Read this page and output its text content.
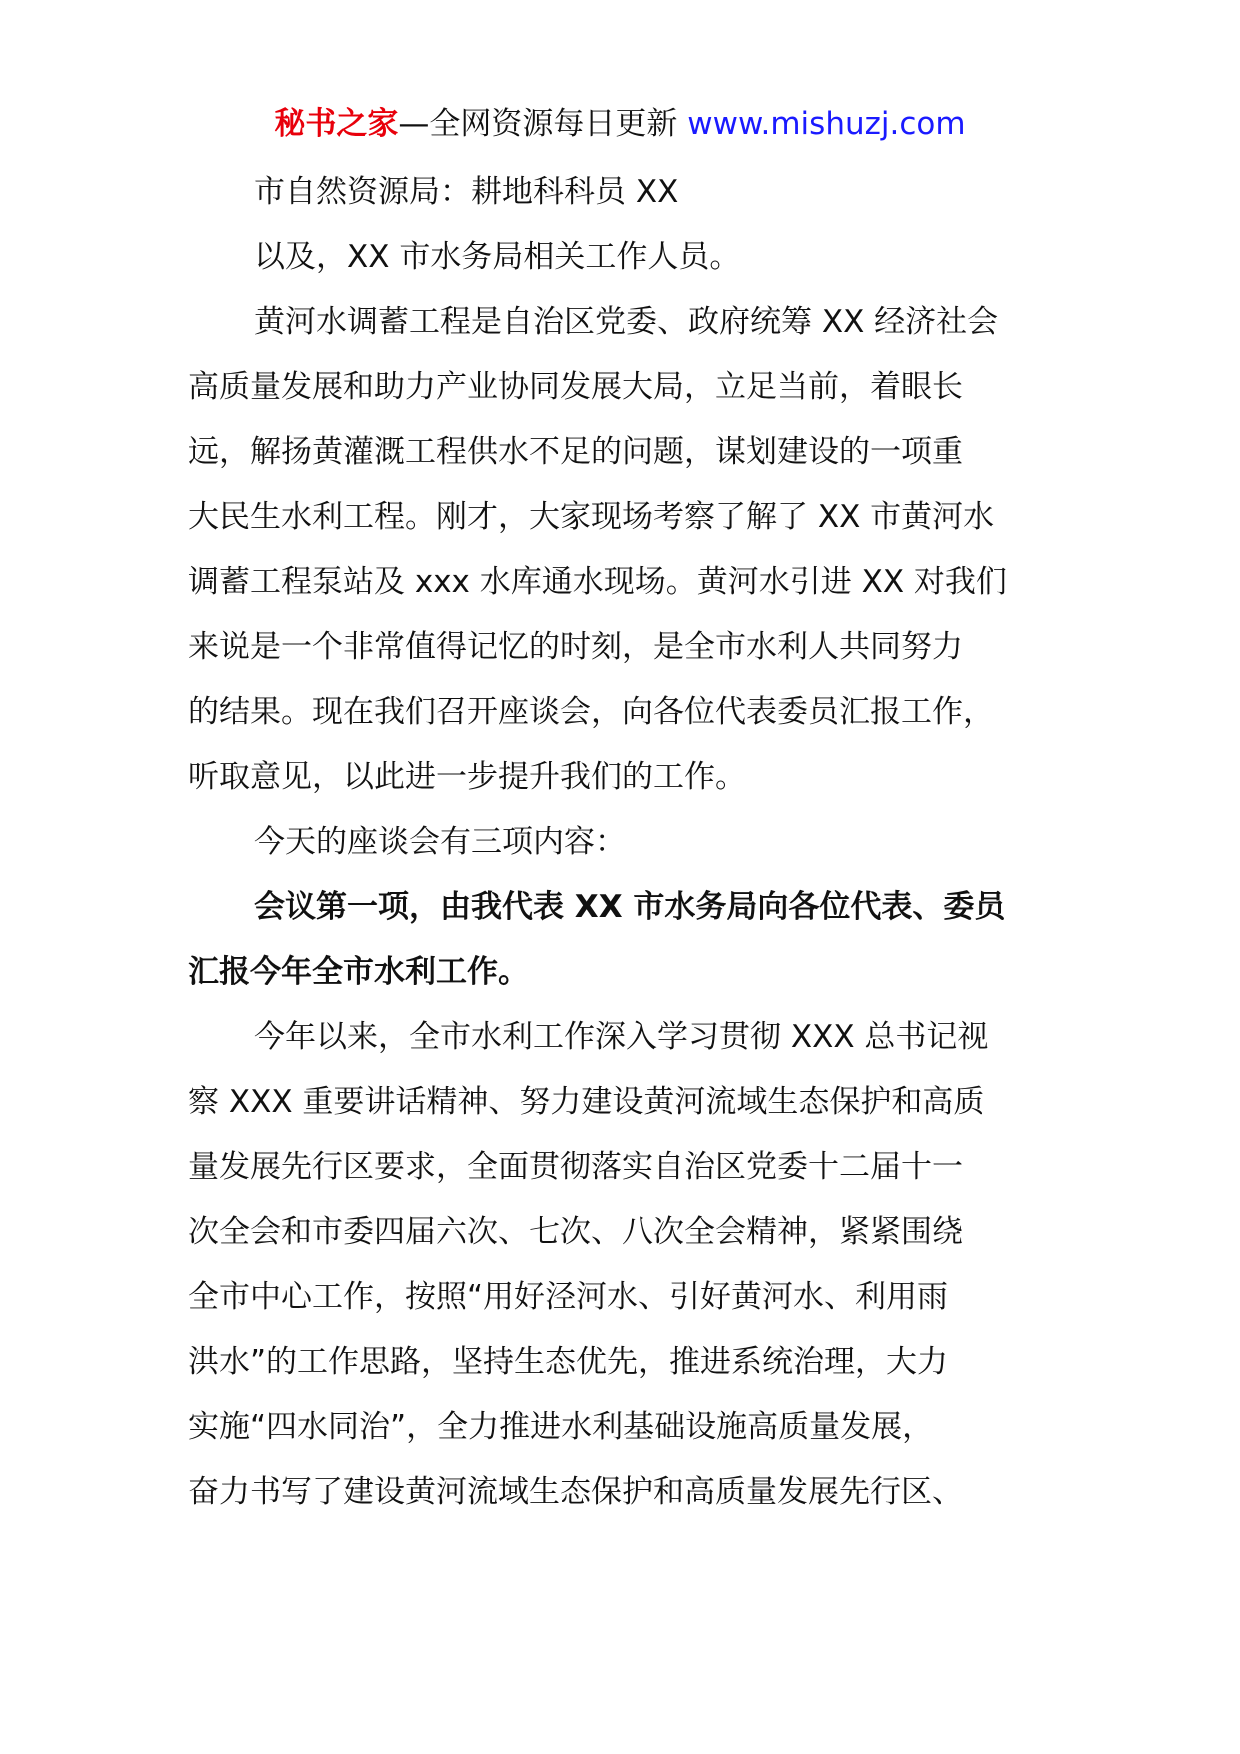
秘书之家—全网资源每日更新 www.mishuzj.com
市自然资源局：耕地科科员 XX
以及，XX 市水务局相关工作人员。
黄河水调蓄工程是自治区党委、政府统筹 XX 经济社会
高质量发展和助力产业协同发展大局，立足当前，着眼长
远，解扬黄灌溉工程供水不足的问题，谋划建设的一项重
大民生水利工程。刚才，大家现场考察了解了 XX 市黄河水
调蓄工程泵站及 xxx 水库通水现场。黄河水引进 XX 对我们
来说是一个非常值得记忆的时刻，是全市水利人共同努力
的结果。现在我们召开座谈会，向各位代表委员汇报工作，
听取意见，以此进一步提升我们的工作。
今天的座谈会有三项内容：
会议第一项，由我代表 XX 市水务局向各位代表、委员
汇报今年全市水利工作。
今年以来，全市水利工作深入学习贯彻 XXX 总书记视
察 XXX 重要讲话精神、努力建设黄河流域生态保护和高质
量发展先行区要求，全面贯彻落实自治区党委十二届十一
次全会和市委四届六次、七次、八次全会精神，紧紧围绕
全市中心工作，按照“用好泾河水、引好黄河水、利用雨
洪水”的工作思路，坚持生态优先，推进系统治理，大力
实施“四水同治”，全力推进水利基础设施高质量发展，
奋力书写了建设黄河流域生态保护和高质量发展先行区、
